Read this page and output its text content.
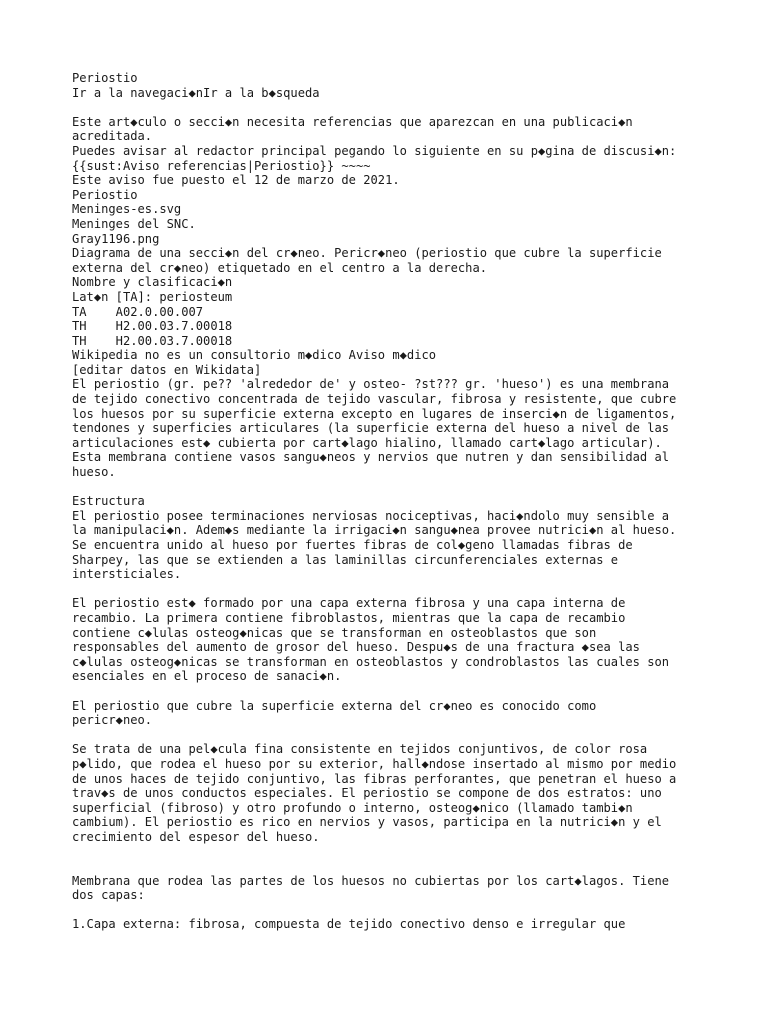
Periostio
Ir a la navegaci◆nIr a la b◆squeda
Este art◆culo o secci◆n necesita referencias que aparezcan en una publicaci◆n
acreditada.
Puedes avisar al redactor principal pegando lo siguiente en su p◆gina de discusi◆n:
{{sust:Aviso referencias|Periostio}} ~~~~
Este aviso fue puesto el 12 de marzo de 2021.
Periostio
Meninges-es.svg
Meninges del SNC.
Gray1196.png
Diagrama de una secci◆n del cr◆neo. Pericr◆neo (periostio que cubre la superficie
externa del cr◆neo) etiquetado en el centro a la derecha.
Nombre y clasificaci◆n
Lat◆n [TA]: periosteum
TA    A02.0.00.007
TH    H2.00.03.7.00018
TH    H2.00.03.7.00018
Wikipedia no es un consultorio m◆dico Aviso m◆dico
[editar datos en Wikidata]
El periostio (gr. pe?? 'alrededor de' y osteo- ?st??? gr. 'hueso') es una membrana
de tejido conectivo concentrada de tejido vascular, fibrosa y resistente, que cubre
los huesos por su superficie externa excepto en lugares de inserci◆n de ligamentos,
tendones y superficies articulares (la superficie externa del hueso a nivel de las
articulaciones est◆ cubierta por cart◆lago hialino, llamado cart◆lago articular).
Esta membrana contiene vasos sangu◆neos y nervios que nutren y dan sensibilidad al
hueso.
Estructura
El periostio posee terminaciones nerviosas nociceptivas, haci◆ndolo muy sensible a
la manipulaci◆n. Adem◆s mediante la irrigaci◆n sangu◆nea provee nutrici◆n al hueso.
Se encuentra unido al hueso por fuertes fibras de col◆geno llamadas fibras de
Sharpey, las que se extienden a las laminillas circunferenciales externas e
intersticiales.
El periostio est◆ formado por una capa externa fibrosa y una capa interna de
recambio. La primera contiene fibroblastos, mientras que la capa de recambio
contiene c◆lulas osteog◆nicas que se transforman en osteoblastos que son
responsables del aumento de grosor del hueso. Despu◆s de una fractura ◆sea las
c◆lulas osteog◆nicas se transforman en osteoblastos y condroblastos las cuales son
esenciales en el proceso de sanaci◆n.
El periostio que cubre la superficie externa del cr◆neo es conocido como
pericr◆neo.
Se trata de una pel◆cula fina consistente en tejidos conjuntivos, de color rosa
p◆lido, que rodea el hueso por su exterior, hall◆ndose insertado al mismo por medio
de unos haces de tejido conjuntivo, las fibras perforantes, que penetran el hueso a
trav◆s de unos conductos especiales. El periostio se compone de dos estratos: uno
superficial (fibroso) y otro profundo o interno, osteog◆nico (llamado tambi◆n
cambium). El periostio es rico en nervios y vasos, participa en la nutrici◆n y el
crecimiento del espesor del hueso.
Membrana que rodea las partes de los huesos no cubiertas por los cart◆lagos. Tiene
dos capas:
1.Capa externa: fibrosa, compuesta de tejido conectivo denso e irregular que
